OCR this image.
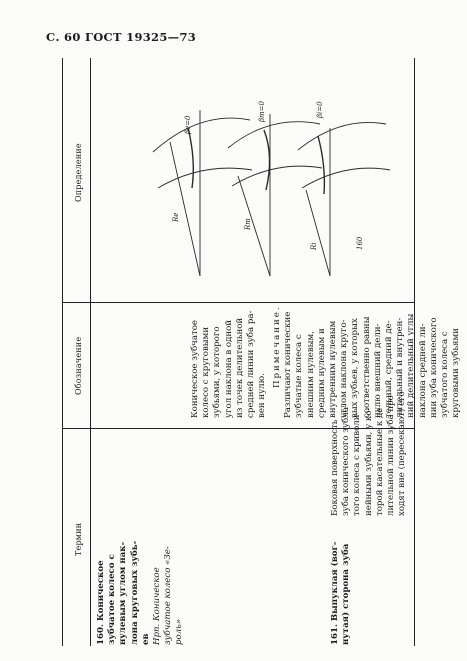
С. 60 ГОСТ 19325—73
Термин
Обозначение
Определение

160. Коническое зубчатое колесо с нулевым углом нак- лона круговых зубь- ев Нрп. Коническое зубчатое колесо «Зе- роль»

Коническое зубчатое колесо с круговыми зубьями, у которого угол наклона в одной из точек делительной средней линии зуба ра- вен нулю.

Примечание. Различают конические зубчатые колеса с внешним нулевым, средним нулевым и внутренним нулевым углом наклона круго- вых зубьев, у которых соответственно равны нулю внешний дели- тельный, средний де- лительный и внутрен- ний делительный углы наклона средней ли- нии зуба конического зубчатого колеса с круговыми зубьями

161. Выпуклая (вог- нутая) сторона зуба

Боковая поверхность зуба конического зубча- того колеса с криволи- нейными зубьями, у ко- торой касательные к де- лительной линии зуба про- ходят вне (пересекают) его

βe=0
βm=0	βi=0
Re
Rm
Ri	160
